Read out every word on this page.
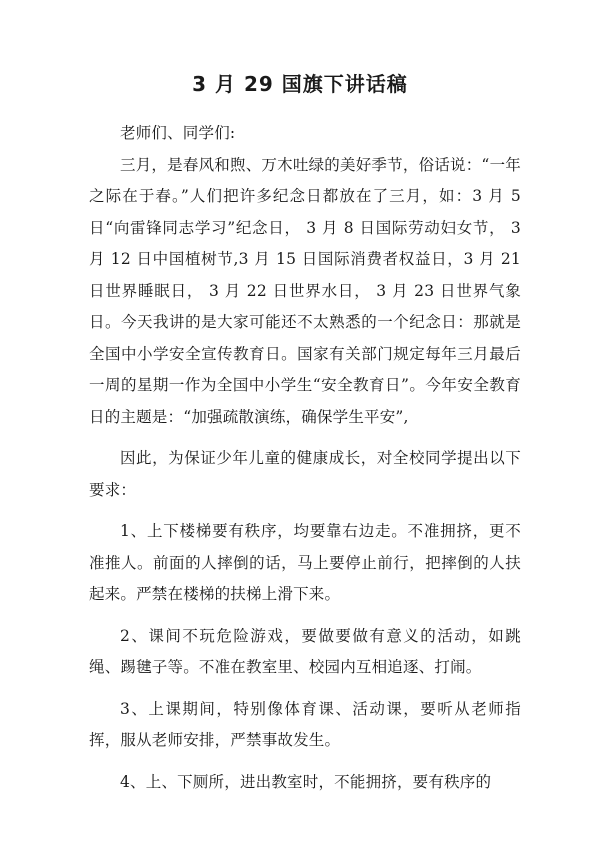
3 月 29 国旗下讲话稿

老师们、同学们:

三月，是春风和煦、万木吐绿的美好季节，俗话说：“一年之际在于春。”人们把许多纪念日都放在了三月，如：3 月 5 日“向雷锋同志学习”纪念日， 3 月 8 日国际劳动妇女节， 3 月 12 日中国植树节,3 月 15 日国际消费者权益日，3 月 21 日世界睡眠日， 3 月 22 日世界水日， 3 月 23 日世界气象日。今天我讲的是大家可能还不太熟悉的一个纪念日：那就是全国中小学安全宣传教育日。国家有关部门规定每年三月最后一周的星期一作为全国中小学生“安全教育日”。今年安全教育日的主题是：“加强疏散演练，确保学生平安”,

因此，为保证少年儿童的健康成长，对全校同学提出以下要求：

1、上下楼梯要有秩序，均要靠右边走。不准拥挤，更不准推人。前面的人摔倒的话，马上要停止前行，把摔倒的人扶起来。严禁在楼梯的扶梯上滑下来。

2、课间不玩危险游戏，要做要做有意义的活动，如跳绳、踢毽子等。不准在教室里、校园内互相追逐、打闹。

3、上课期间，特别像体育课、活动课，要听从老师指挥，服从老师安排，严禁事故发生。

4、上、下厕所，进出教室时，不能拥挤，要有秩序的
